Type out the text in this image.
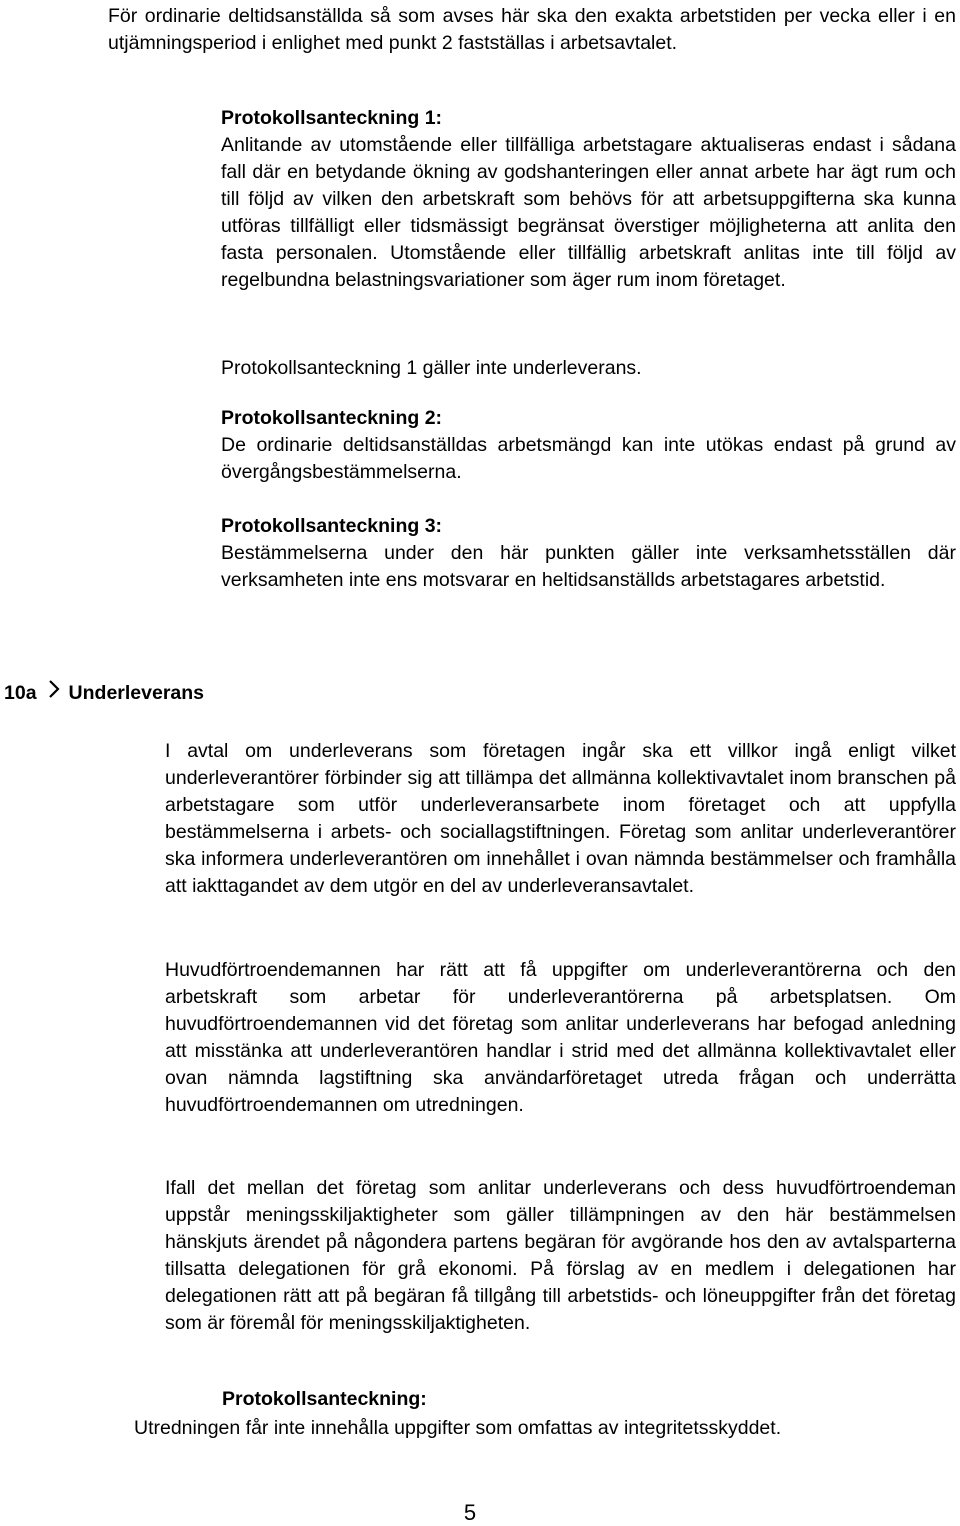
För ordinarie deltidsanställda så som avses här ska den exakta arbetstiden per vecka eller i en utjämningsperiod i enlighet med punkt 2 fastställas i arbetsavtalet.

Protokollsanteckning 1:

Anlitande av utomstående eller tillfälliga arbetstagare aktualiseras endast i sådana fall där en betydande ökning av godshanteringen eller annat arbete har ägt rum och till följd av vilken den arbetskraft som behövs för att arbetsuppgifterna ska kunna utföras tillfälligt eller tidsmässigt begränsat överstiger möjligheterna att anlita den fasta personalen. Utomstående eller tillfällig arbetskraft anlitas inte till följd av regelbundna belastningsvariationer som äger rum inom företaget.

Protokollsanteckning 1 gäller inte underleverans.

Protokollsanteckning 2:

De ordinarie deltidsanställdas arbetsmängd kan inte utökas endast på grund av övergångsbestämmelserna.

Protokollsanteckning 3:

Bestämmelserna under den här punkten gäller inte verksamhetsställen där verksamheten inte ens motsvarar en heltidsanställds arbetstagares arbetstid.

10a Underleverans
I avtal om underleverans som företagen ingår ska ett villkor ingå enligt vilket underleverantörer förbinder sig att tillämpa det allmänna kollektivavtalet inom branschen på arbetstagare som utför underleveransarbete inom företaget och att uppfylla bestämmelserna i arbets- och sociallagstiftningen. Företag som anlitar underleverantörer ska informera underleverantören om innehållet i ovan nämnda bestämmelser och framhålla att iakttagandet av dem utgör en del av underleveransavtalet.
Huvudförtroendemannen har rätt att få uppgifter om underleverantörerna och den arbetskraft som arbetar för underleverantörerna på arbetsplatsen. Om huvudförtroendemannen vid det företag som anlitar underleverans har befogad anledning att misstänka att underleverantören handlar i strid med det allmänna kollektivavtalet eller ovan nämnda lagstiftning ska användarföretaget utreda frågan och underrätta huvudförtroendemannen om utredningen.
Ifall det mellan det företag som anlitar underleverans och dess huvudförtroendeman uppstår meningsskiljaktigheter som gäller tillämpningen av den här bestämmelsen hänskjuts ärendet på någondera partens begäran för avgörande hos den av avtalsparterna tillsatta delegationen för grå ekonomi. På förslag av en medlem i delegationen har delegationen rätt att på begäran få tillgång till arbetstids- och löneuppgifter från det företag som är föremål för meningsskiljaktigheten.
Protokollsanteckning:
Utredningen får inte innehålla uppgifter som omfattas av integritetsskyddet.
5
